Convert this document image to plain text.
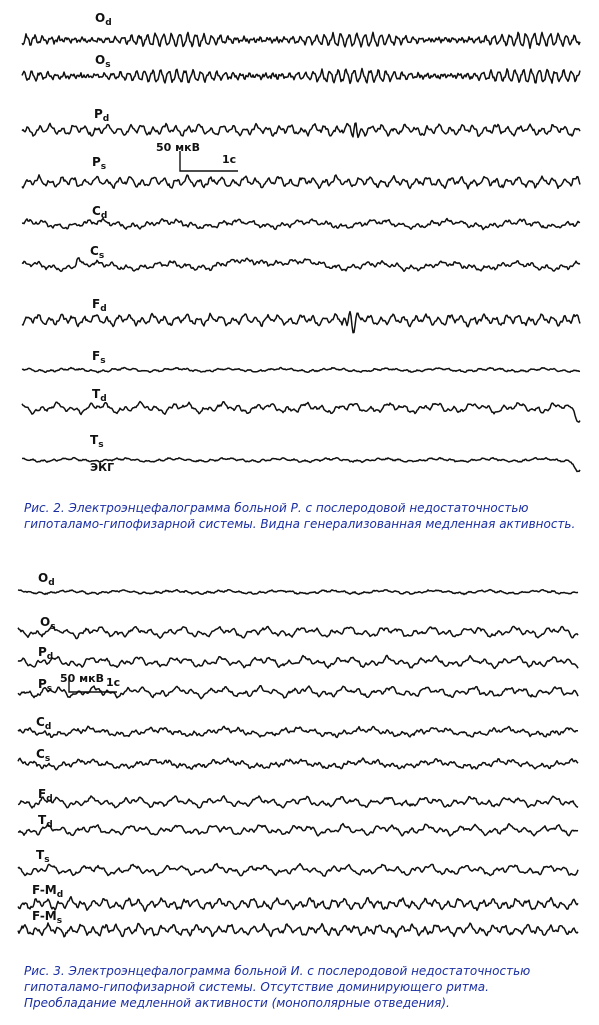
$O_d$
$O_s$
$P_d$
$P_s$
$C_d$
$C_s$
$F_d$
$F_s$
$T_d$
$T_s$
50 мкВ
1с
ЭКГ
Рис. 2. Электроэнцефалограмма больной Р. с послеродовой недостаточностью гипоталамо-гипофизарной системы. Видна генерализованная медленная активность.
$O_d$
$O_s$
$P_d$
$P_s$
$C_d$
$C_s$
$F_d$
$T_d$
$T_s$
$F-M_d$
$F-M_s$
50 мкВ 1с
Рис. 3. Электроэнцефалограмма больной И. с послеродовой недостаточностью гипоталамо-гипофизарной системы. Отсутствие доминирующего ритма. Преобладание медленной активности (монополярные отведения).
